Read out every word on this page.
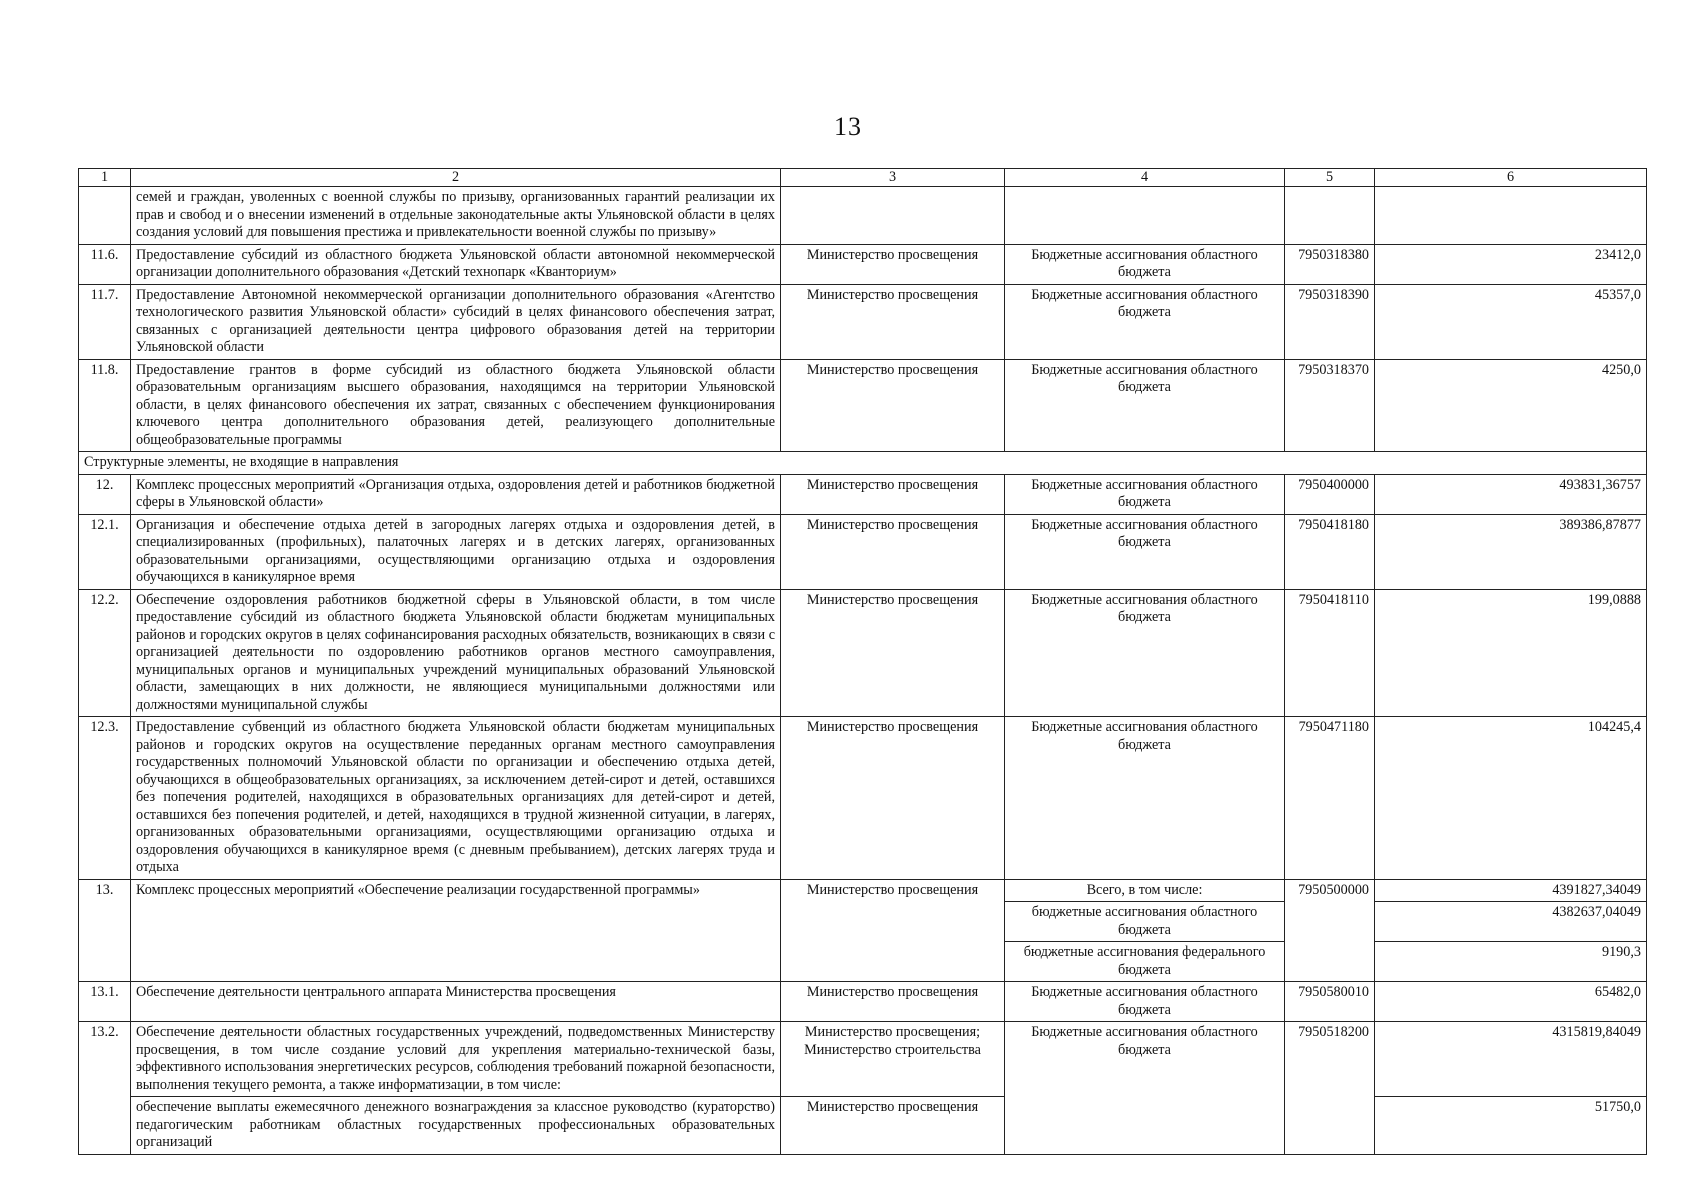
13
1	2	3	4	5	6
	семей и граждан, уволенных с военной службы по призыву, организованных гарантий реализации их прав и свобод и о внесении изменений в отдельные законодательные акты Ульяновской области в целях создания условий для повышения престижа и привлекательности военной службы по призыву»				
11.6.	Предоставление субсидий из областного бюджета Ульяновской области автономной некоммерческой организации дополнительного образования «Детский технопарк «Кванториум»	Министерство просвещения	Бюджетные ассигнования областного бюджета	7950318380	23412,0
11.7.	Предоставление Автономной некоммерческой организации дополнительного образования «Агентство технологического развития Ульяновской области» субсидий в целях финансового обеспечения затрат, связанных с организацией деятельности центра цифрового образования детей на территории Ульяновской области	Министерство просвещения	Бюджетные ассигнования областного бюджета	7950318390	45357,0
11.8.	Предоставление грантов в форме субсидий из областного бюджета Ульяновской области образовательным организациям высшего образования, находящимся на территории Ульяновской области, в целях финансового обеспечения их затрат, связанных с обеспечением функционирования ключевого центра дополнительного образования детей, реализующего дополнительные общеобразовательные программы	Министерство просвещения	Бюджетные ассигнования областного бюджета	7950318370	4250,0
Структурные элементы, не входящие в направления					
12.	Комплекс процессных мероприятий «Организация отдыха, оздоровления детей и работников бюджетной сферы в Ульяновской области»	Министерство просвещения	Бюджетные ассигнования областного бюджета	7950400000	493831,36757
12.1.	Организация и обеспечение отдыха детей в загородных лагерях отдыха и оздоровления детей, в специализированных (профильных), палаточных лагерях и в детских лагерях, организованных образовательными организациями, осуществляющими организацию отдыха и оздоровления обучающихся в каникулярное время	Министерство просвещения	Бюджетные ассигнования областного бюджета	7950418180	389386,87877
12.2.	Обеспечение оздоровления работников бюджетной сферы в Ульяновской области, в том числе предоставление субсидий из областного бюджета Ульяновской области бюджетам муниципальных районов и городских округов в целях софинансирования расходных обязательств, возникающих в связи с организацией деятельности по оздоровлению работников органов местного самоуправления, муниципальных органов и муниципальных учреждений муниципальных образований Ульяновской области, замещающих в них должности, не являющиеся муниципальными должностями или должностями муниципальной службы	Министерство просвещения	Бюджетные ассигнования областного бюджета	7950418110	199,0888
12.3.	Предоставление субвенций из областного бюджета Ульяновской области бюджетам муниципальных районов и городских округов на осуществление переданных органам местного самоуправления государственных полномочий Ульяновской области по организации и обеспечению отдыха детей, обучающихся в общеобразовательных организациях, за исключением детей-сирот и детей, оставшихся без попечения родителей, находящихся в образовательных организациях для детей-сирот и детей, оставшихся без попечения родителей, и детей, находящихся в трудной жизненной ситуации, в лагерях, организованных образовательными организациями, осуществляющими организацию отдыха и оздоровления обучающихся в каникулярное время (с дневным пребыванием), детских лагерях труда и отдыха	Министерство просвещения	Бюджетные ассигнования областного бюджета	7950471180	104245,4
13.	Комплекс процессных мероприятий «Обеспечение реализации государственной программы»	Министерство просвещения	Всего, в том числе:	7950500000	4391827,34049
			бюджетные ассигнования областного бюджета		4382637,04049
			бюджетные ассигнования федерального бюджета		9190,3
13.1.	Обеспечение деятельности центрального аппарата Министерства просвещения	Министерство просвещения	Бюджетные ассигнования областного бюджета	7950580010	65482,0
13.2.	Обеспечение деятельности областных государственных учреждений, подведомственных Министерству просвещения, в том числе создание условий для укрепления материально-технической базы, эффективного использования энергетических ресурсов, соблюдения требований пожарной безопасности, выполнения текущего ремонта, а также информатизации, в том числе:	Министерство просвещения; Министерство строительства	Бюджетные ассигнования областного бюджета	7950518200	4315819,84049
	обеспечение выплаты ежемесячного денежного вознаграждения за классное руководство (кураторство) педагогическим работникам областных государственных профессиональных образовательных организаций	Министерство просвещения			51750,0
